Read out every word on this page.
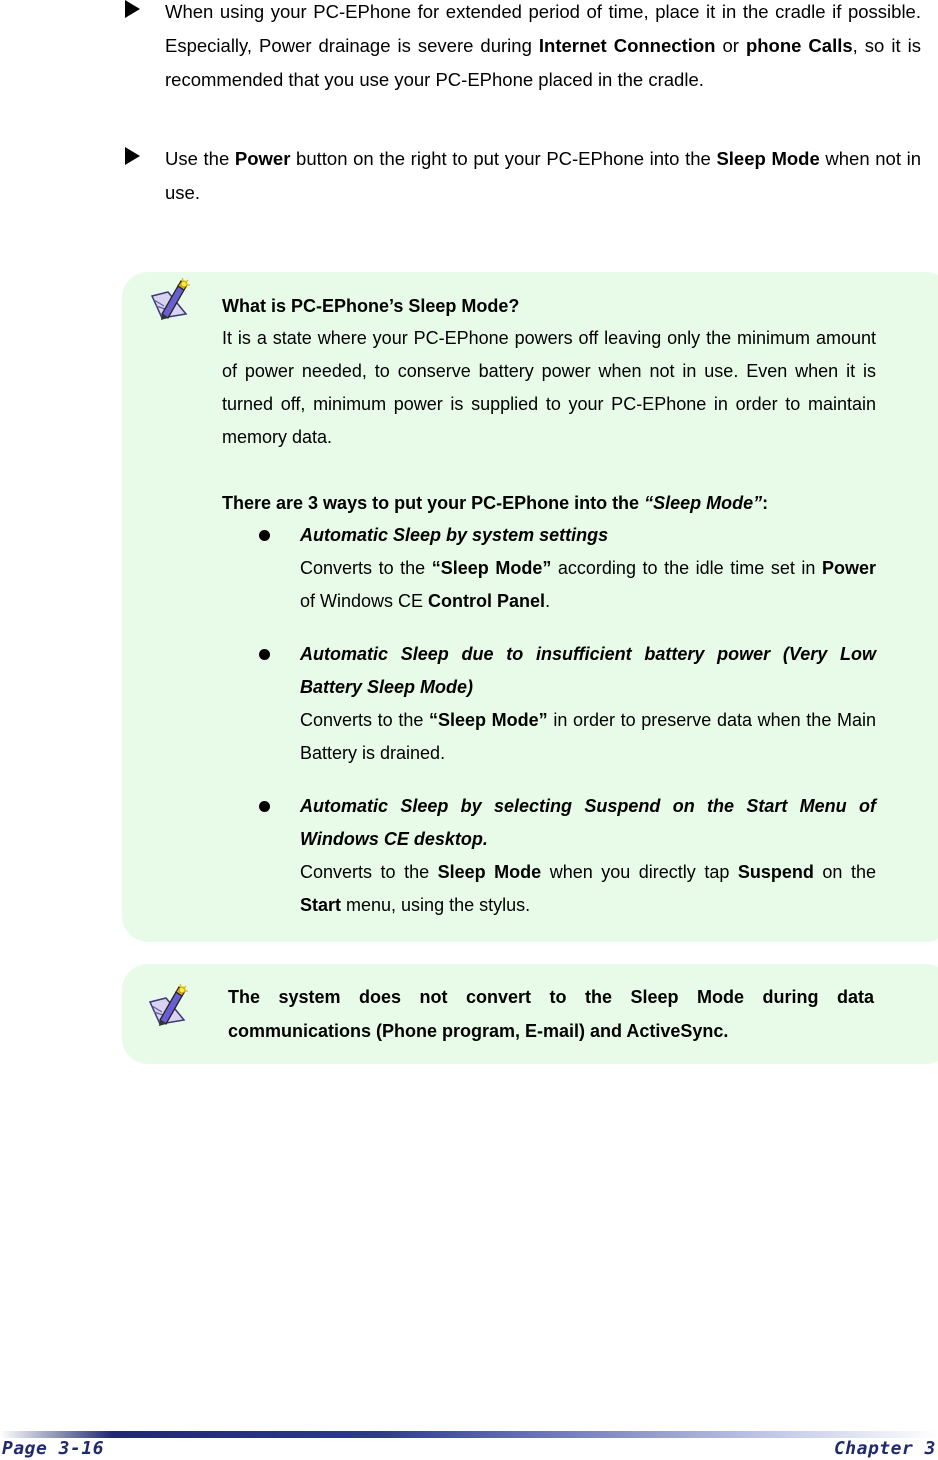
When using your PC-EPhone for extended period of time, place it in the cradle if possible. Especially, Power drainage is severe during Internet Connection or phone Calls, so it is recommended that you use your PC-EPhone placed in the cradle.
Use the Power button on the right to put your PC-EPhone into the Sleep Mode when not in use.
What is PC-EPhone’s Sleep Mode?
It is a state where your PC-EPhone powers off leaving only the minimum amount of power needed, to conserve battery power when not in use. Even when it is turned off, minimum power is supplied to your PC-EPhone in order to maintain memory data.
There are 3 ways to put your PC-EPhone into the “Sleep Mode”:
Automatic Sleep by system settings
Converts to the “Sleep Mode” according to the idle time set in Power of Windows CE Control Panel.
Automatic Sleep due to insufficient battery power (Very Low Battery Sleep Mode)
Converts to the “Sleep Mode” in order to preserve data when the Main Battery is drained.
Automatic Sleep by selecting Suspend on the Start Menu of Windows CE desktop.
Converts to the Sleep Mode when you directly tap Suspend on the Start menu, using the stylus.
The system does not convert to the Sleep Mode during data communications (Phone program, E-mail) and ActiveSync.
Page 3-16	Chapter 3
